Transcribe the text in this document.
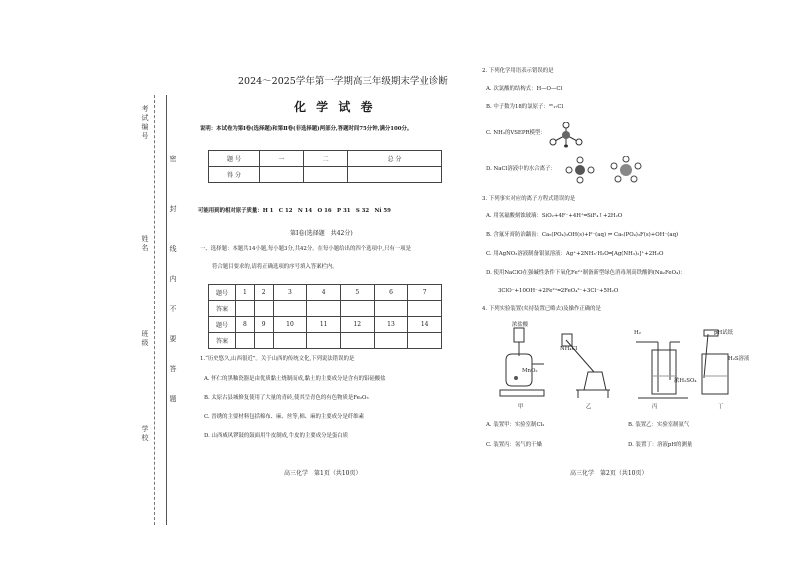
考试编号
密
封
线
内
不
要
答
题
姓名
班级
学校
2024～2025学年第一学期高三年级期末学业诊断
化 学 试 卷
说明：本试卷为第Ⅰ卷(选择题)和第Ⅱ卷(非选择题)两部分,答题时间75分钟,满分100分。
题 号	一	二	总 分
得 分			
可能用到的相对原子质量：H 1　C 12　N 14　O 16　P 31　S 32　Ni 59
第Ⅰ卷(选择题　共42分)
一、选择题：本题共14小题,每小题3分,共42分。在每小题给出的四个选项中,只有一项是
符合题目要求的,请将正确选项的序号填入答案栏内。
题号	1	2	3	4	5	6	7
答案							
题号	8	9	10	11	12	13	14
答案							
1.“历史悠久,山西很近”。关于山西的传统文化,下列说法错误的是
A. 怀仁的黑釉瓷器是由优质黏土烧制而成,黏土的主要成分是含有的铝硅酸盐
B. 太原古县城修复使用了大量的青砖,使其呈青色的有色物质是Fe₂O₃
C. 晋绣的主要材料包括棉布、麻、丝等,棉、麻的主要成分是纤维素
D. 山西威风锣鼓的鼓面用牛皮制成,牛皮的主要成分是蛋白质
高三化学　第1页（共10页）
2. 下列化学用语表示错误的是
A. 次氯酸的结构式：H—O—Cl
B. 中子数为18的氯原子：³⁵₁₇Cl
C. NH₃的VSEPR模型：
D. NaCl溶液中的水合离子：
3. 下列事实对应的离子方程式错误的是
A. 用氢氟酸刻蚀玻璃：SiO₂+4F⁻+4H⁺═SiF₄↑+2H₂O
B. 含氟牙膏防治龋齿：Ca₅(PO₄)₃OH(s)+F⁻(aq) ⇌ Ca₅(PO₄)₃F(s)+OH⁻(aq)
C. 用AgNO₃溶液制备银氨溶液：Ag⁺+2NH₃·H₂O═[Ag(NH₃)₂]⁺+2H₂O
D. 使用NaClO在强碱性条件下氧化Fe²⁺制备新型绿色消毒剂高铁酸钠(Na₂FeO₄)：
3ClO⁻+10OH⁻+2Fe²⁺═2FeO₄²⁻+3Cl⁻+5H₂O
4. 下列实验装置(夹持装置已略去)及操作正确的是
浓盐酸
MnO₂
NH₄Cl
H₂
浓H₂SO₄
pH试纸
H₂S溶液
甲	乙	丙	丁
A. 装置甲：实验室制Cl₂	B. 装置乙：实验室制氨气
C. 装置丙：氢气的干燥	D. 装置丁：溶液pH的测量
高三化学　第2页（共10页）
